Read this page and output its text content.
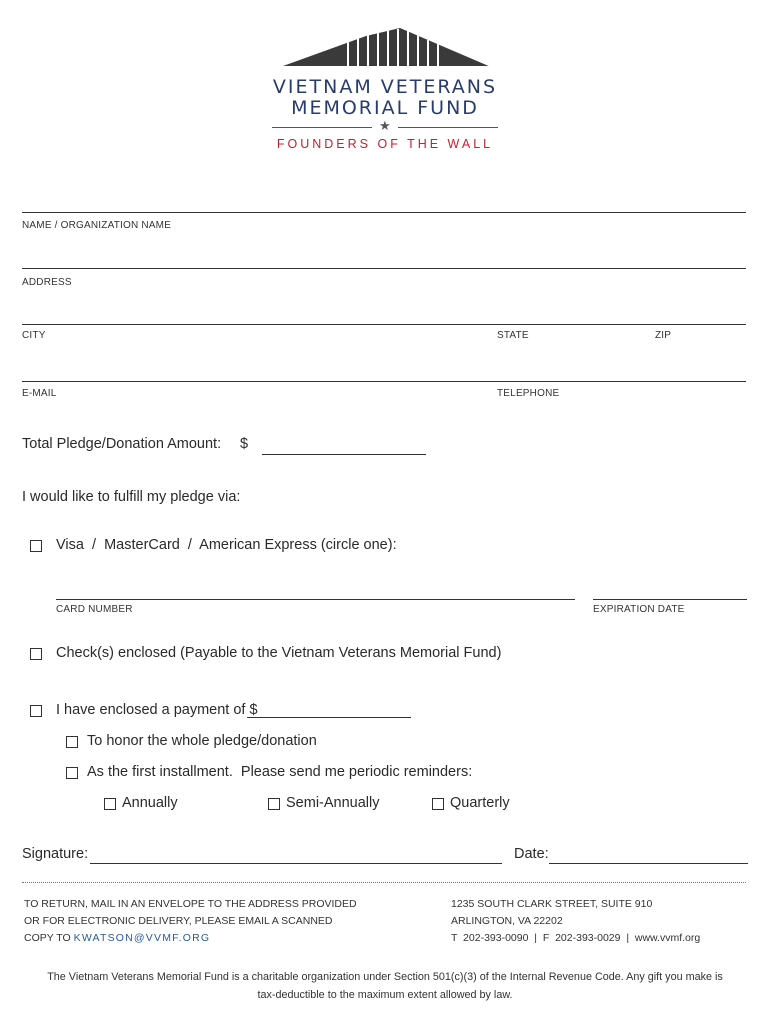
VIETNAM VETERANS
MEMORIAL FUND
★
FOUNDERS OF THE WALL
NAME / ORGANIZATION NAME
ADDRESS
CITY	STATE	ZIP
E-MAIL	TELEPHONE
Total Pledge/Donation Amount: $
I would like to fulfill my pledge via:
Visa  /  MasterCard  /  American Express (circle one):
CARD NUMBER	EXPIRATION DATE
Check(s) enclosed (Payable to the Vietnam Veterans Memorial Fund)
I have enclosed a payment of $
To honor the whole pledge/donation
As the first installment.  Please send me periodic reminders:
Annually	Semi-Annually	Quarterly
Signature:	Date:
TO RETURN, MAIL IN AN ENVELOPE TO THE ADDRESS PROVIDED
OR FOR ELECTRONIC DELIVERY, PLEASE EMAIL A SCANNED
COPY TO KWATSON@VVMF.ORG
1235 SOUTH CLARK STREET, SUITE 910
ARLINGTON, VA 22202
T  202-393-0090  |  F  202-393-0029  |  www.vvmf.org
The Vietnam Veterans Memorial Fund is a charitable organization under Section 501(c)(3) of the Internal Revenue Code. Any gift you make is
tax-deductible to the maximum extent allowed by law.
